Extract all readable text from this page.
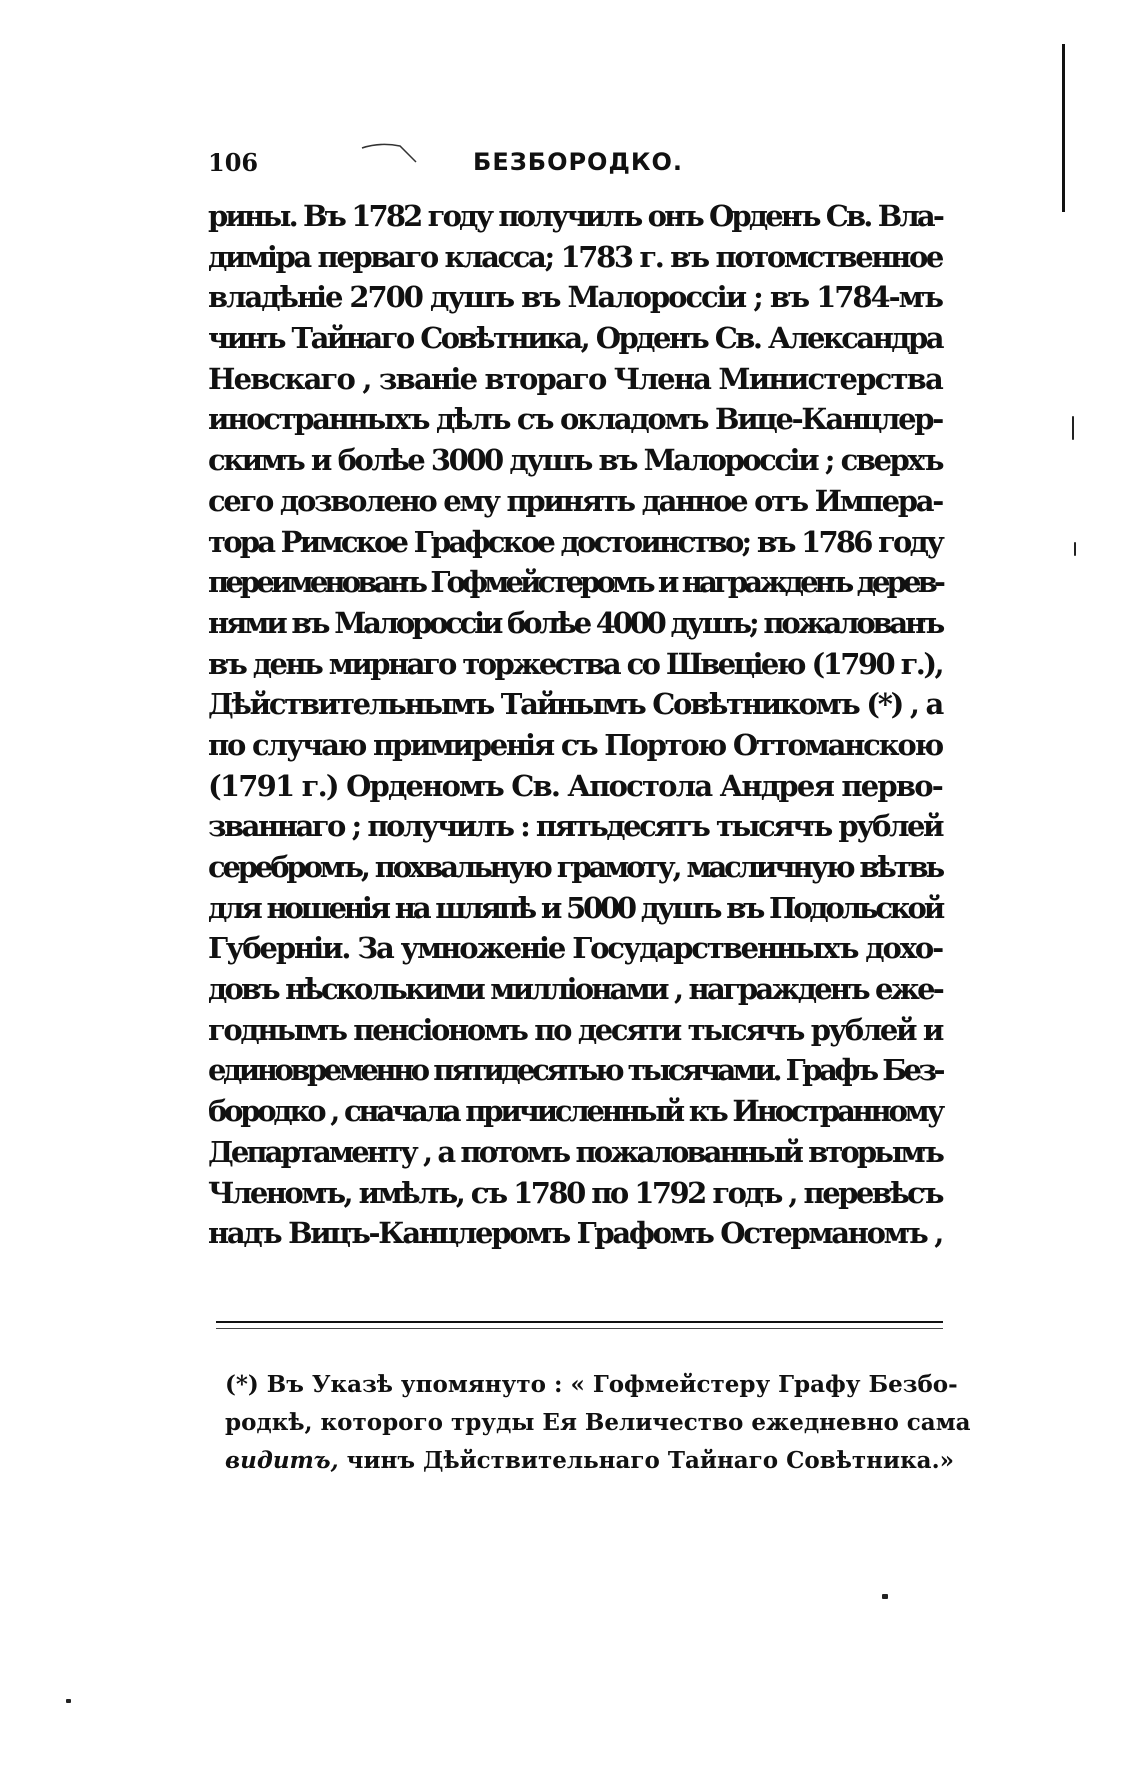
106	БЕЗБОРОДКО.
рины. Въ 1782 году получилъ онъ Орденъ Св. Вла-
диміра перваго класса; 1783 г. въ потомственное
владѣніе 2700 душъ въ Малороссіи ; въ 1784-мъ
чинъ Тайнаго Совѣтника, Орденъ Св. Александра
Невскаго , званіе втораго Члена Министерства
иностранныхъ дѣлъ съ окладомъ Вице-Канцлер-
скимъ и болѣе 3000 душъ въ Малороссіи ; сверхъ
сего дозволено ему принять данное отъ Импера-
тора Римское Графское достоинство; въ 1786 году
переименованъ Гофмейстеромъ и награжденъ дерев-
нями въ Малороссіи болѣе 4000 душъ; пожалованъ
въ день мирнаго торжества со Швеціею (1790 г.),
Дѣйствительнымъ Тайнымъ Совѣтникомъ (*) , а
по случаю примиренія съ Портою Оттоманскою
(1791 г.) Орденомъ Св. Апостола Андрея перво-
званнаго ; получилъ : пятьдесятъ тысячъ рублей
серебромъ, похвальную грамоту, масличную вѣтвь
для ношенія на шляпѣ и 5000 душъ въ Подольской
Губерніи. За умноженіе Государственныхъ дохо-
довъ нѣсколькими милліонами , награжденъ еже-
годнымъ пенсіономъ по десяти тысячъ рублей и
единовременно пятидесятью тысячами. Графъ Без-
бородко , сначала причисленный къ Иностранному
Департаменту , а потомъ пожалованный вторымъ
Членомъ, имѣлъ, съ 1780 по 1792 годъ , перевѣсъ
надъ Вицъ-Канцлеромъ Графомъ Остерманомъ ,
(*) Въ Указѣ упомянуто : « Гофмейстеру Графу Безбо-
родкѣ, которого труды Ея Величество ежедневно сама
видитъ, чинъ Дѣйствительнаго Тайнаго Совѣтника.»
